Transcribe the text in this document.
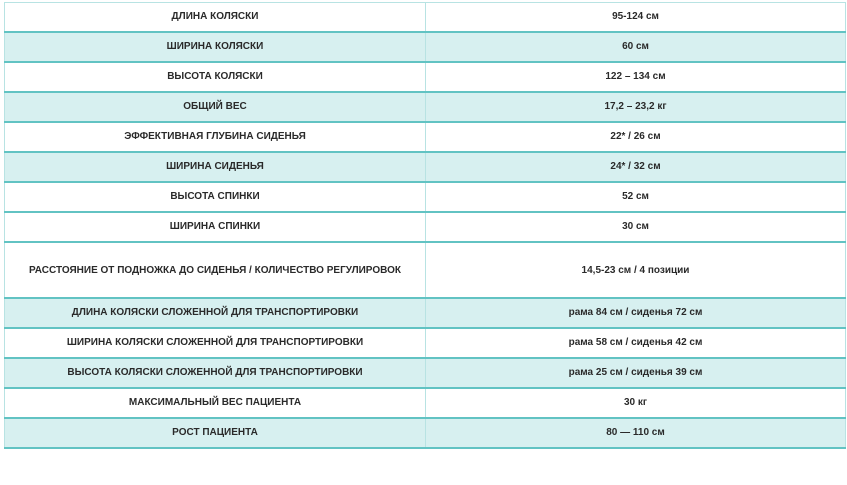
ДЛИНА КОЛЯСКИ	95-124 см
ШИРИНА КОЛЯСКИ	60 см
ВЫСОТА КОЛЯСКИ	122 – 134 см
ОБЩИЙ ВЕС	17,2 – 23,2 кг
ЭФФЕКТИВНАЯ ГЛУБИНА СИДЕНЬЯ	22* / 26 см
ШИРИНА СИДЕНЬЯ	24* / 32 см
ВЫСОТА СПИНКИ	52 см
ШИРИНА СПИНКИ	30 см
РАССТОЯНИЕ ОТ ПОДНОЖКА ДО СИДЕНЬЯ / КОЛИЧЕСТВО РЕГУЛИРОВОК	14,5-23 см / 4 позиции
ДЛИНА КОЛЯСКИ СЛОЖЕННОЙ ДЛЯ ТРАНСПОРТИРОВКИ	рама 84 см / сиденья 72 см
ШИРИНА КОЛЯСКИ СЛОЖЕННОЙ ДЛЯ ТРАНСПОРТИРОВКИ	рама 58 см / сиденья 42 см
ВЫСОТА КОЛЯСКИ СЛОЖЕННОЙ ДЛЯ ТРАНСПОРТИРОВКИ	рама 25 см / сиденья 39 см
МАКСИМАЛЬНЫЙ ВЕС ПАЦИЕНТА	30 кг
РОСТ ПАЦИЕНТА	80 — 110 см
